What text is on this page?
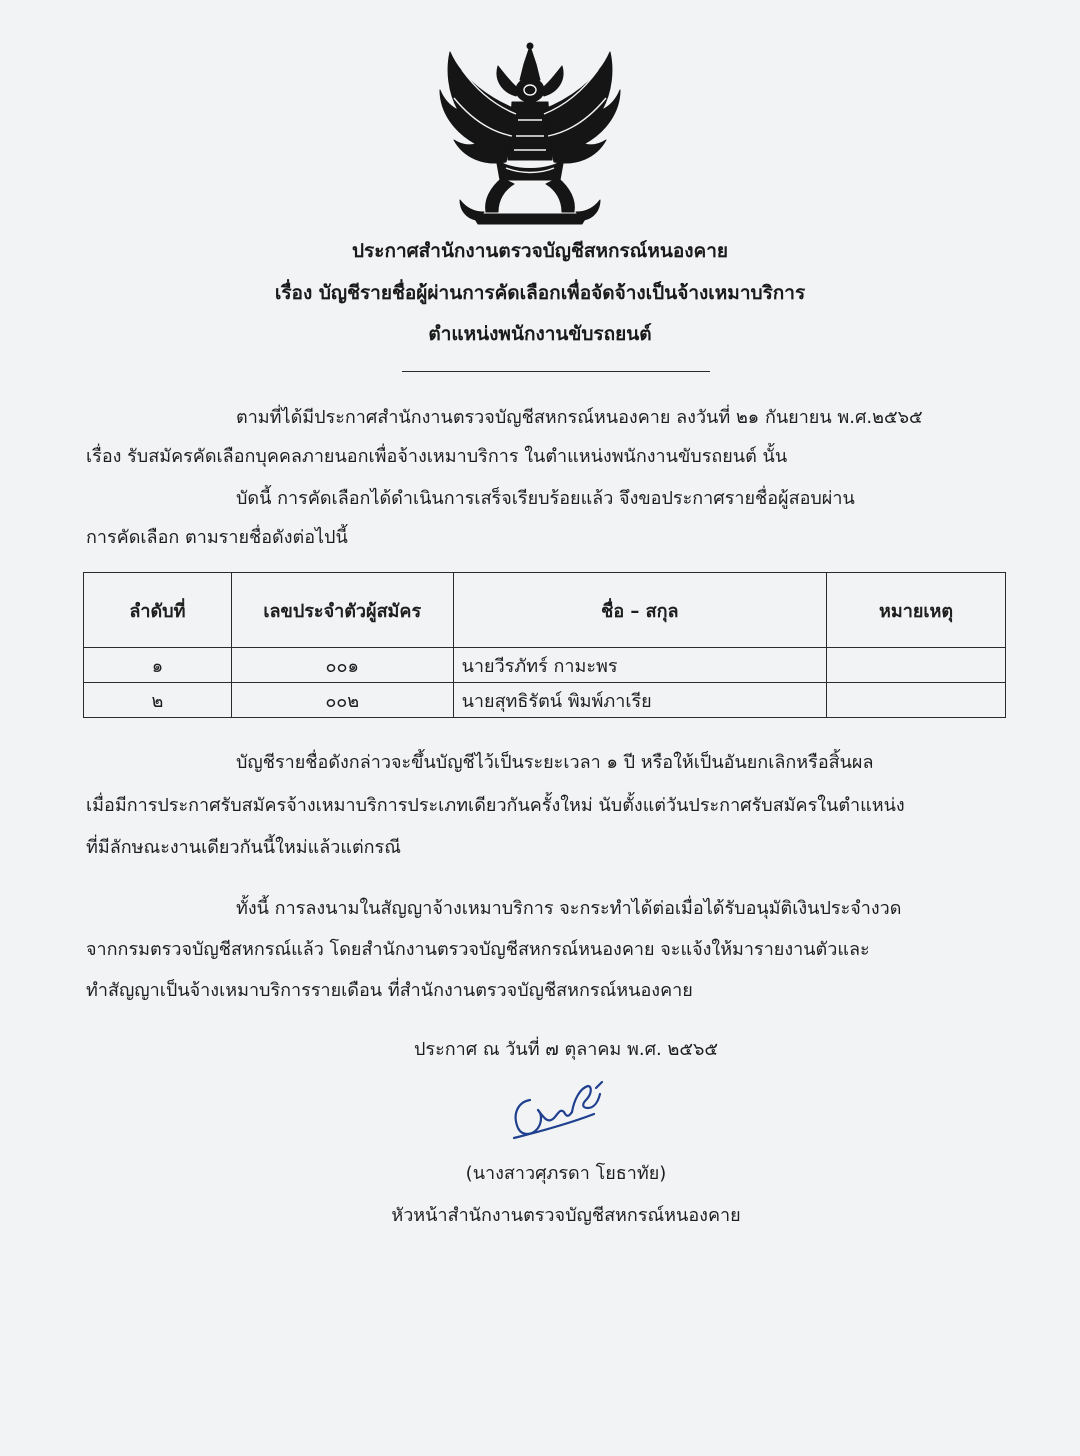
ประกาศสำนักงานตรวจบัญชีสหกรณ์หนองคาย
เรื่อง บัญชีรายชื่อผู้ผ่านการคัดเลือกเพื่อจัดจ้างเป็นจ้างเหมาบริการ
ตำแหน่งพนักงานขับรถยนต์
ตามที่ได้มีประกาศสำนักงานตรวจบัญชีสหกรณ์หนองคาย ลงวันที่ ๒๑ กันยายน พ.ศ.๒๕๖๕
เรื่อง รับสมัครคัดเลือกบุคคลภายนอกเพื่อจ้างเหมาบริการ ในตำแหน่งพนักงานขับรถยนต์ นั้น
บัดนี้ การคัดเลือกได้ดำเนินการเสร็จเรียบร้อยแล้ว จึงขอประกาศรายชื่อผู้สอบผ่าน
การคัดเลือก ตามรายชื่อดังต่อไปนี้
ลำดับที่	เลขประจำตัวผู้สมัคร	ชื่อ – สกุล	หมายเหตุ
๑	๐๐๑	นายวีรภัทร์ กามะพร	
๒	๐๐๒	นายสุทธิรัตน์ พิมพ์ภาเรีย	
บัญชีรายชื่อดังกล่าวจะขึ้นบัญชีไว้เป็นระยะเวลา ๑ ปี หรือให้เป็นอันยกเลิกหรือสิ้นผล
เมื่อมีการประกาศรับสมัครจ้างเหมาบริการประเภทเดียวกันครั้งใหม่ นับตั้งแต่วันประกาศรับสมัครในตำแหน่ง
ที่มีลักษณะงานเดียวกันนี้ใหม่แล้วแต่กรณี
ทั้งนี้ การลงนามในสัญญาจ้างเหมาบริการ จะกระทำได้ต่อเมื่อได้รับอนุมัติเงินประจำงวด
จากกรมตรวจบัญชีสหกรณ์แล้ว โดยสำนักงานตรวจบัญชีสหกรณ์หนองคาย จะแจ้งให้มารายงานตัวและ
ทำสัญญาเป็นจ้างเหมาบริการรายเดือน ที่สำนักงานตรวจบัญชีสหกรณ์หนองคาย
ประกาศ ณ วันที่ ๗ ตุลาคม พ.ศ. ๒๕๖๕
(นางสาวศุภรดา โยธาทัย)
หัวหน้าสำนักงานตรวจบัญชีสหกรณ์หนองคาย
